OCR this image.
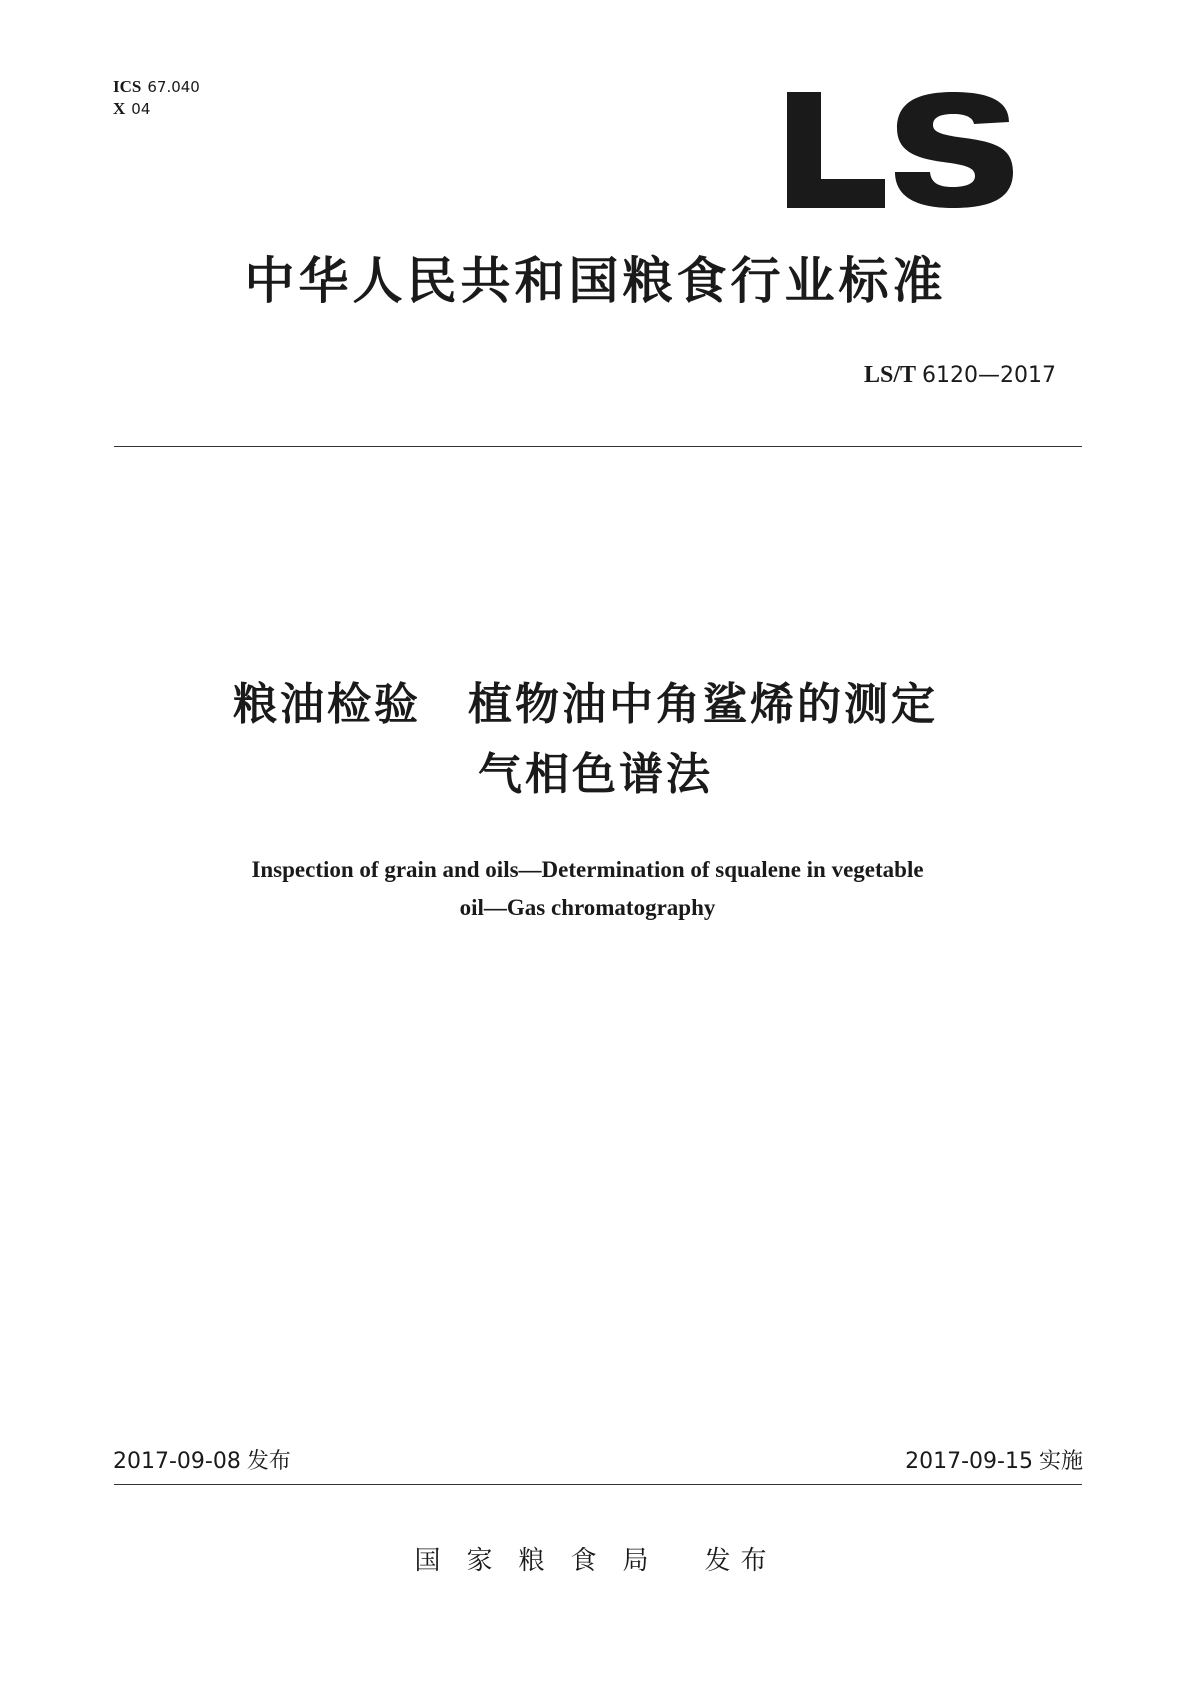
ICS 67.040
X 04
中华人民共和国粮食行业标准
LS/T 6120—2017
粮油检验　植物油中角鲨烯的测定
气相色谱法
Inspection of grain and oils—Determination of squalene in vegetable
oil—Gas chromatography
2017-09-08 发布	2017-09-15 实施
国家粮食局 发布
